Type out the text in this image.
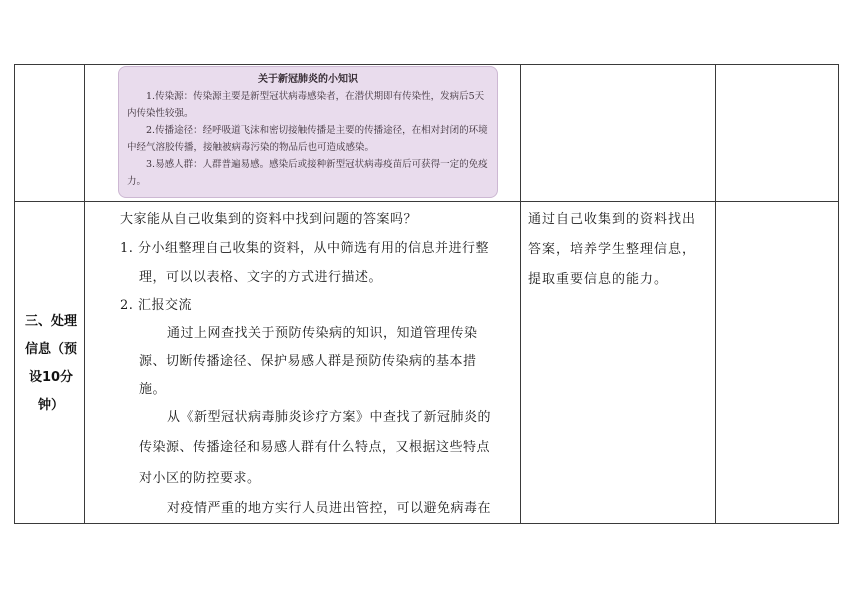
关于新冠肺炎的小知识

1.传染源：传染源主要是新型冠状病毒感染者，在潜伏期即有传染性，发病后5天内传染性较强。

2.传播途径：经呼吸道飞沫和密切接触传播是主要的传播途径，在相对封闭的环境中经气溶胶传播，接触被病毒污染的物品后也可造成感染。

3.易感人群：人群普遍易感。感染后或接种新型冠状病毒疫苗后可获得一定的免疫力。

三、处理
信息（预
设10分
钟）
大家能从自己收集到的资料中找到问题的答案吗？
1. 分小组整理自己收集的资料，从中筛选有用的信息并进行整
理，可以以表格、文字的方式进行描述。
2. 汇报交流
通过上网查找关于预防传染病的知识，知道管理传染
源、切断传播途径、保护易感人群是预防传染病的基本措
施。
从《新型冠状病毒肺炎诊疗方案》中查找了新冠肺炎的
传染源、传播途径和易感人群有什么特点，又根据这些特点
对小区的防控要求。
对疫情严重的地方实行人员进出管控，可以避免病毒在
通过自己收集到的资料找出
答案，培养学生整理信息，
提取重要信息的能力。
